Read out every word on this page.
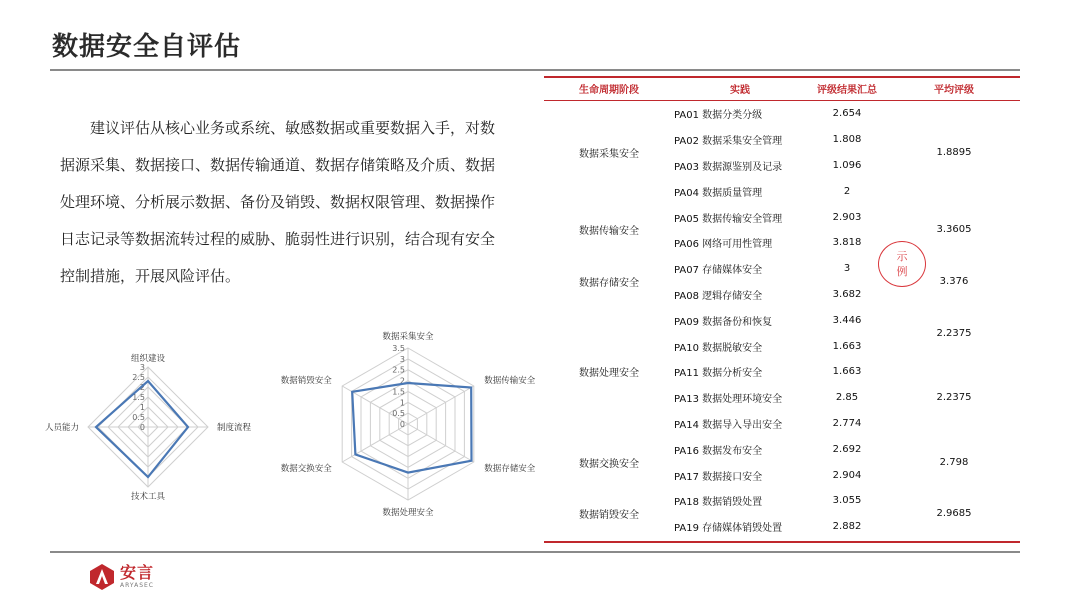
数据安全自评估
建议评估从核心业务或系统、敏感数据或重要数据入手，对数据源采集、数据接口、数据传输通道、数据存储策略及介质、数据处理环境、分析展示数据、备份及销毁、数据权限管理、数据操作日志记录等数据流转过程的威胁、脆弱性进行识别，结合现有安全控制措施，开展风险评估。
0
0.5
1
1.5
2
2.5
3
组织建设
制度流程
技术工具
人员能力	0
0.5
1
1.5
2
2.5
3
3.5
数据采集安全
数据传输安全
数据存储安全
数据处理安全
数据交换安全
数据销毁安全
生命周期阶段	实践	评级结果汇总	平均评级
数据采集安全	PA01 数据分类分级	2.654	1.8895
	PA02 数据采集安全管理	1.808	
	PA03 数据源鉴别及记录	1.096	
	PA04 数据质量管理	2	
数据传输安全	PA05 数据传输安全管理	2.903	3.3605
	PA06 网络可用性管理	3.818	
数据存储安全	PA07 存储媒体安全	3	3.376
	PA08 逻辑存储安全	3.682	
数据处理安全	PA09 数据备份和恢复	3.446	2.2375
	PA10 数据脱敏安全	1.663	
	PA11 数据分析安全	1.663	2.2375
	PA13 数据处理环境安全	2.85	
	PA14 数据导入导出安全	2.774	
数据交换安全	PA16 数据发布安全	2.692	2.798
	PA17 数据接口安全	2.904	
数据销毁安全	PA18 数据销毁处置	3.055	2.9685
	PA19 存储媒体销毁处置	2.882	
示
例
安言
ARYASEC
